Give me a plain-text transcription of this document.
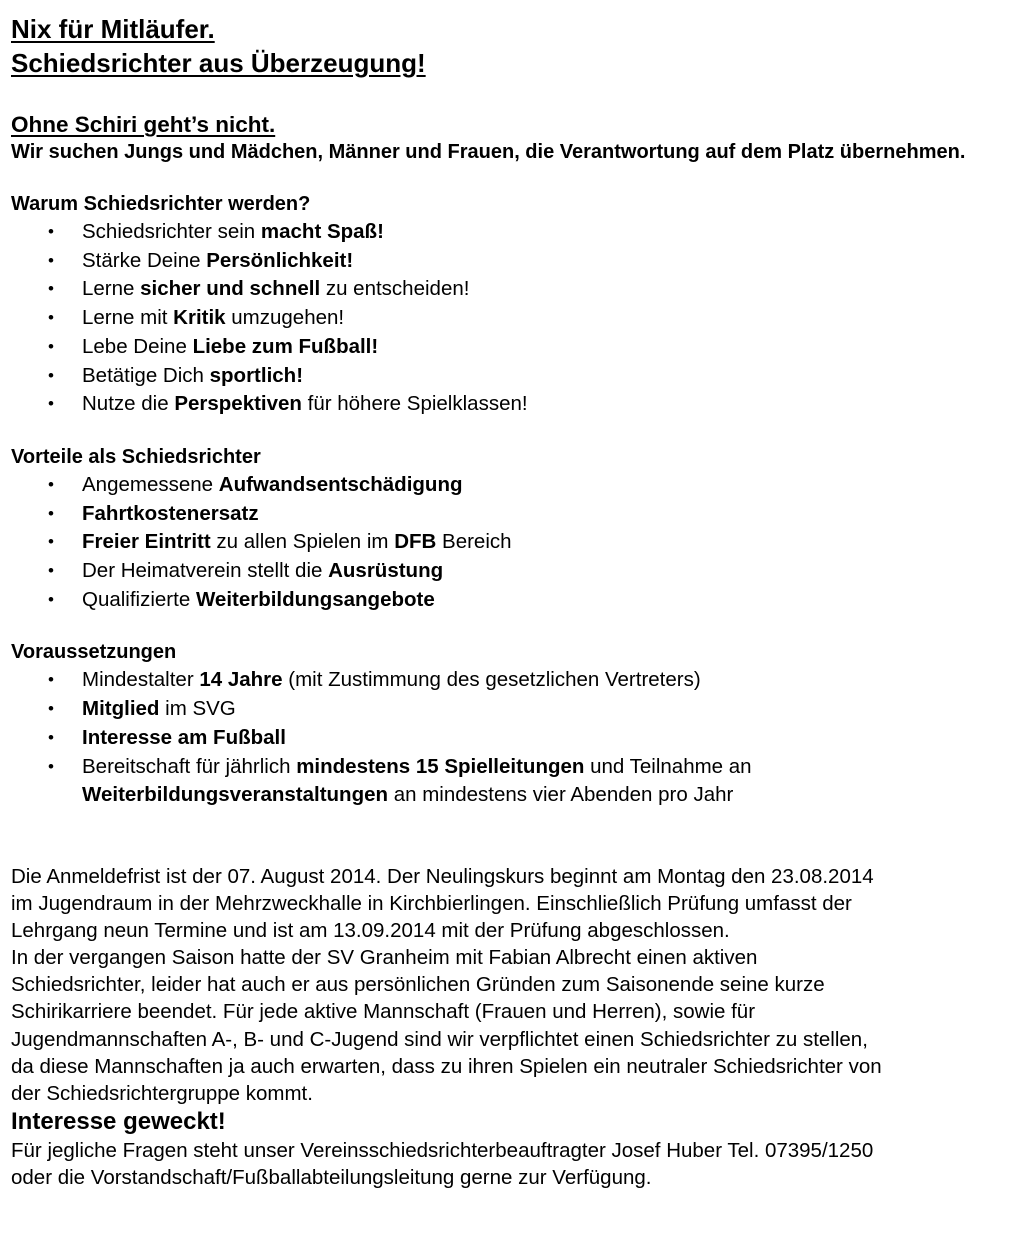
Nix für Mitläufer.
Schiedsrichter aus Überzeugung!
Ohne Schiri geht’s nicht.

Wir suchen Jungs und Mädchen, Männer und Frauen, die Verantwortung auf dem Platz übernehmen.

Warum Schiedsrichter werden?

•	Schiedsrichter sein macht Spaß!
•	Stärke Deine Persönlichkeit!
•	Lerne sicher und schnell zu entscheiden!
•	Lerne mit Kritik umzugehen!
•	Lebe Deine Liebe zum Fußball!
•	Betätige Dich sportlich!
•	Nutze die Perspektiven für höhere Spielklassen!

Vorteile als Schiedsrichter

•	Angemessene Aufwandsentschädigung
•	Fahrtkostenersatz
•	Freier Eintritt zu allen Spielen im DFB Bereich
•	Der Heimatverein stellt die Ausrüstung
•	Qualifizierte Weiterbildungsangebote

Voraussetzungen

•	Mindestalter 14 Jahre (mit Zustimmung des gesetzlichen Vertreters)
•	Mitglied im SVG
•	Interesse am Fußball
•	Bereitschaft für jährlich mindestens 15 Spielleitungen und Teilnahme an Weiterbildungsveranstaltungen an mindestens vier Abenden pro Jahr
Die Anmeldefrist ist der 07. August 2014. Der Neulingskurs beginnt am Montag den 23.08.2014
im Jugendraum in der Mehrzweckhalle in Kirchbierlingen. Einschließlich Prüfung umfasst der
Lehrgang neun Termine und ist am 13.09.2014 mit der Prüfung abgeschlossen.
In der vergangen Saison hatte der SV Granheim mit Fabian Albrecht einen aktiven
Schiedsrichter, leider hat auch er aus persönlichen Gründen zum Saisonende seine kurze
Schirikarriere beendet. Für jede aktive Mannschaft (Frauen und Herren), sowie für
Jugendmannschaften A-, B- und C-Jugend sind wir verpflichtet einen Schiedsrichter zu stellen,
da diese Mannschaften ja auch erwarten, dass zu ihren Spielen ein neutraler Schiedsrichter von
der Schiedsrichtergruppe kommt.
Interesse geweckt!
Für jegliche Fragen steht unser Vereinsschiedsrichterbeauftragter Josef Huber Tel. 07395/1250
oder die Vorstandschaft/Fußballabteilungsleitung gerne zur Verfügung.
